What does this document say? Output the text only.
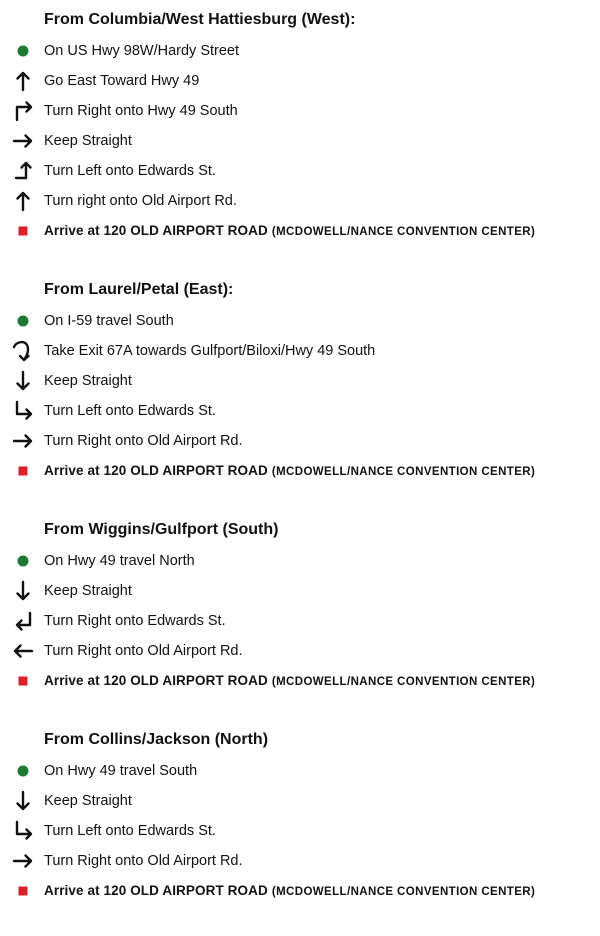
From Columbia/West Hattiesburg (West):
On US Hwy 98W/Hardy Street
Go East Toward Hwy 49
Turn Right onto Hwy 49 South
Keep Straight
Turn Left onto Edwards St.
Turn right onto Old Airport Rd.
Arrive at 120 OLD AIRPORT ROAD (MCDOWELL/NANCE CONVENTION CENTER)
From Laurel/Petal (East):
On I-59 travel South
Take Exit 67A towards Gulfport/Biloxi/Hwy 49 South
Keep Straight
Turn Left onto Edwards St.
Turn Right onto Old Airport Rd.
Arrive at 120 OLD AIRPORT ROAD (MCDOWELL/NANCE CONVENTION CENTER)
From Wiggins/Gulfport (South)
On Hwy 49 travel North
Keep Straight
Turn Right onto Edwards St.
Turn Right onto Old Airport Rd.
Arrive at 120 OLD AIRPORT ROAD (MCDOWELL/NANCE CONVENTION CENTER)
From Collins/Jackson (North)
On Hwy 49 travel South
Keep Straight
Turn Left onto Edwards St.
Turn Right onto Old Airport Rd.
Arrive at 120 OLD AIRPORT ROAD (MCDOWELL/NANCE CONVENTION CENTER)
